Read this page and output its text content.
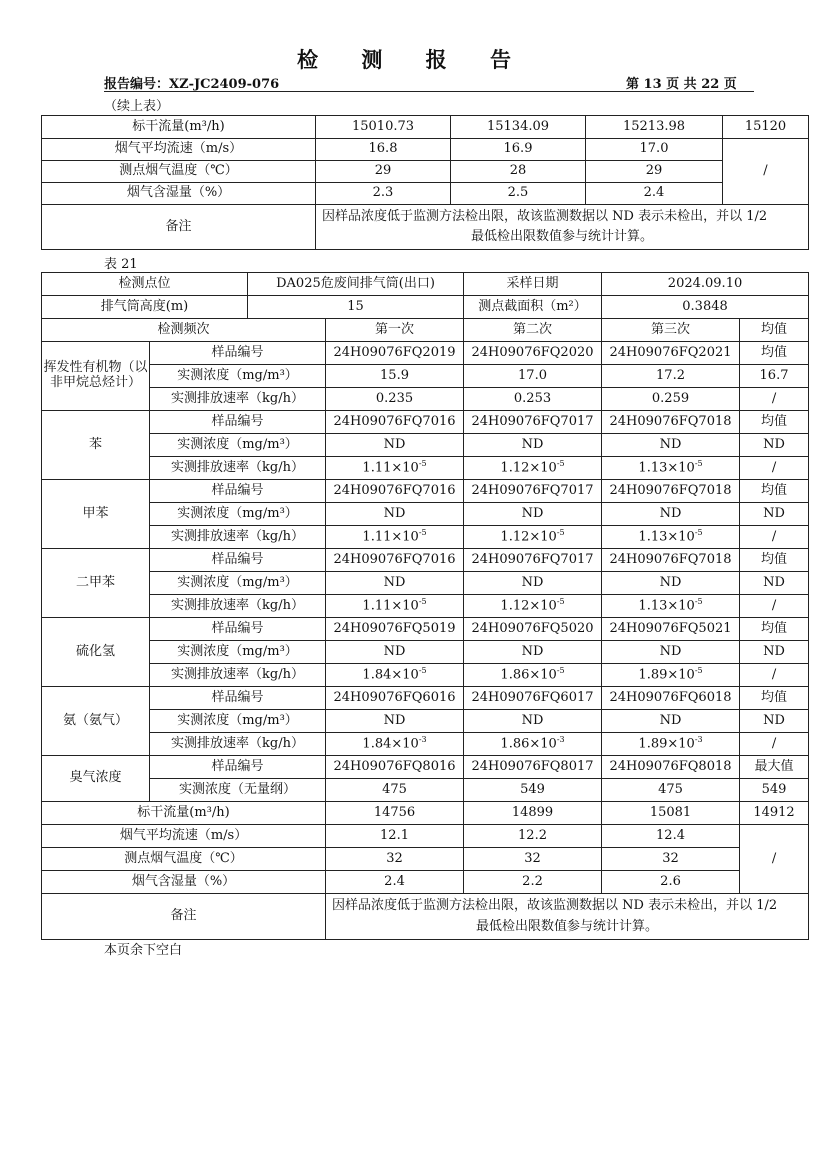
检 测 报 告
报告编号：XZ-JC2409-076	第 13 页 共 22 页
（续上表）
标干流量(m³/h)	15010.73	15134.09	15213.98	15120
烟气平均流速（m/s）	16.8	16.9	17.0	/
测点烟气温度（℃）	29	28	29	
烟气含湿量（%）	2.3	2.5	2.4	
备注	因样品浓度低于监测方法检出限，故该监测数据以 ND 表示未检出，并以 1/2
最低检出限数值参与统计计算。			
表 21
检测点位		DA025危废间排气筒(出口)		采样日期	2024.09.10	
排气筒高度(m)		15		测点截面积（m²）	0.3848	
检测频次			第一次	第二次	第三次	均值
挥发性有机物（以非甲烷总烃计）	样品编号		24H09076FQ2019	24H09076FQ2020	24H09076FQ2021	均值
	实测浓度（mg/m³）		15.9	17.0	17.2	16.7
	实测排放速率（kg/h）		0.235	0.253	0.259	/
苯	样品编号		24H09076FQ7016	24H09076FQ7017	24H09076FQ7018	均值
	实测浓度（mg/m³）		ND	ND	ND	ND
	实测排放速率（kg/h）		$1.11\times 10^{-5}$	$1.12\times 10^{-5}$	$1.13\times 10^{-5}$	/
甲苯	样品编号		24H09076FQ7016	24H09076FQ7017	24H09076FQ7018	均值
	实测浓度（mg/m³）		ND	ND	ND	ND
	实测排放速率（kg/h）		$1.11\times 10^{-5}$	$1.12\times 10^{-5}$	$1.13\times 10^{-5}$	/
二甲苯	样品编号		24H09076FQ7016	24H09076FQ7017	24H09076FQ7018	均值
	实测浓度（mg/m³）		ND	ND	ND	ND
	实测排放速率（kg/h）		$1.11\times 10^{-5}$	$1.12\times 10^{-5}$	$1.13\times 10^{-5}$	/
硫化氢	样品编号		24H09076FQ5019	24H09076FQ5020	24H09076FQ5021	均值
	实测浓度（mg/m³）		ND	ND	ND	ND
	实测排放速率（kg/h）		$1.84\times 10^{-5}$	$1.86\times 10^{-5}$	$1.89\times 10^{-5}$	/
氨（氨气）	样品编号		24H09076FQ6016	24H09076FQ6017	24H09076FQ6018	均值
	实测浓度（mg/m³）		ND	ND	ND	ND
	实测排放速率（kg/h）		$1.84\times 10^{-3}$	$1.86\times 10^{-3}$	$1.89\times 10^{-3}$	/
臭气浓度	样品编号		24H09076FQ8016	24H09076FQ8017	24H09076FQ8018	最大值
	实测浓度（无量纲）		475	549	475	549
标干流量(m³/h)			14756	14899	15081	14912
烟气平均流速（m/s）			12.1	12.2	12.4	/
测点烟气温度（℃）			32	32	32	
烟气含湿量（%）			2.4	2.2	2.6	
备注			因样品浓度低于监测方法检出限，故该监测数据以 ND 表示未检出，并以 1/2
最低检出限数值参与统计计算。			
本页余下空白
